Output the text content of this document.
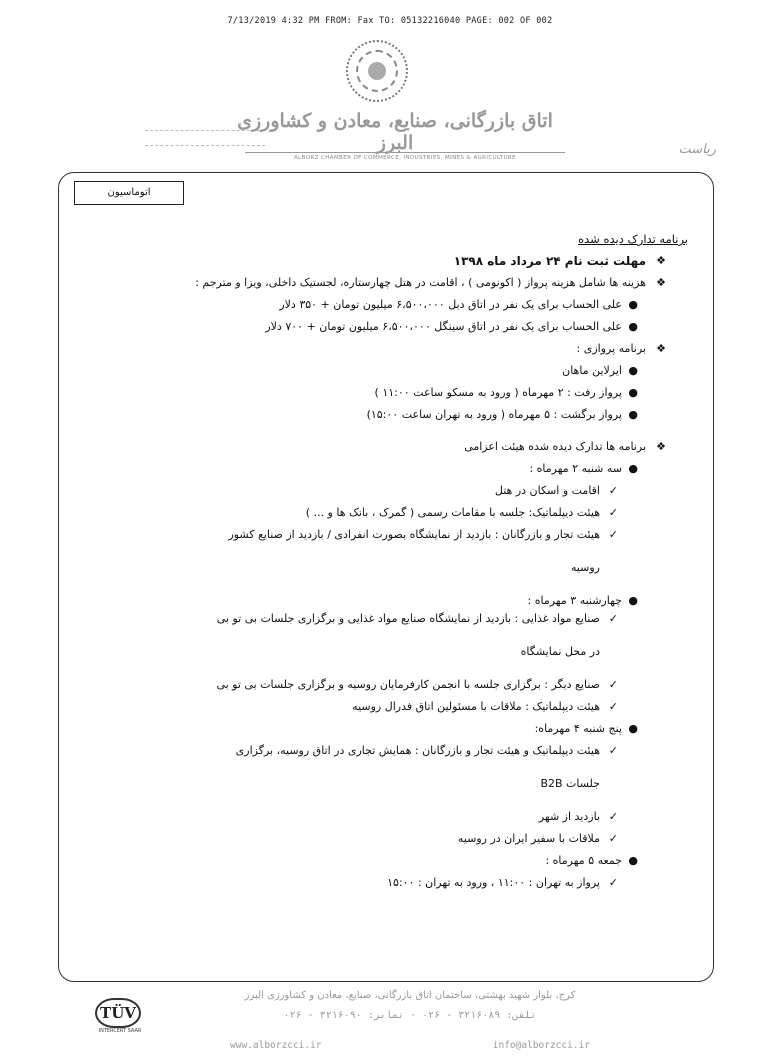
7/13/2019 4:32 PM FROM: Fax TO: 05132216040 PAGE: 002 OF 002
اتاق بازرگانی، صنایع، معادن و کشاورزی البرز
ALBORZ CHAMBER OF COMMERCE, INDUSTRIES, MINES & AGRICULTURE
ریاست
اتوماسیون

برنامه تدارک دیده شده

❖
مهلت ثبت نام ۲۴ مرداد ماه ۱۳۹۸

❖
هزینه ها شامل هزینه پرواز ( اکونومی ) ، اقامت در هتل چهارستاره، لجستیک داخلی، ویزا و مترجم :

●
علی الحساب برای یک نفر در اتاق دبل ۶،۵۰۰،۰۰۰ میلیون تومان + ۳۵۰ دلار

●
علی الحساب برای یک نفر در اتاق سینگل ۶،۵۰۰،۰۰۰ میلیون تومان + ۷۰۰ دلار

❖
برنامه پروازی :

●
ایرلاین ماهان

●
پرواز رفت : ۲ مهرماه ( ورود به مسکو ساعت ۱۱:۰۰ )

●
پرواز برگشت : ۵ مهرماه ( ورود به تهران ساعت ۱۵:۰۰)

❖
برنامه ها تدارک دیده شده هیئت اعزامی

●
سه شنبه ۲ مهرماه :

✓
اقامت و اسکان در هتل

✓
هیئت دیپلماتیک: جلسه با مقامات رسمی ( گمرک ، بانک ها و ... )

✓
هیئت تجار و بازرگانان : بازدید از نمایشگاه بصورت انفرادی / بازدید از صنایع کشور

روسیه

●
چهارشنبه ۳ مهرماه :

✓
صنایع مواد غذایی : بازدید از نمایشگاه صنایع مواد غذایی و برگزاری جلسات بی تو بی

در محل نمایشگاه

✓
صنایع دیگر : برگزاری جلسه با انجمن کارفرمایان روسیه و برگزاری جلسات بی تو بی

✓
هیئت دیپلماتیک : ملاقات با مسئولین اتاق فدرال روسیه

●
پنج شنبه ۴ مهرماه:

✓
هیئت دیپلماتیک و هیئت تجار و بازرگانان : همایش تجاری در اتاق روسیه، برگزاری

جلسات B2B

✓
بازدید از شهر

✓
ملاقات با سفیر ایران در روسیه

●
جمعه ۵ مهرماه :

✓
پرواز به تهران : ۱۱:۰۰ ، ورود به تهران : ۱۵:۰۰

TÜV
INTERCERT SAAR
کرج، بلوار شهید بهشتی، ساختمان اتاق بازرگانی، صنایع، معادن و کشاورزی البرز
تلفن: ۳۲۱۶۰۸۹ - ۰۲۶ · نمابر: ۳۲۱۶۰۹۰ - ۰۲۶
www.alborzcci.ir	info@alborzcci.ir
